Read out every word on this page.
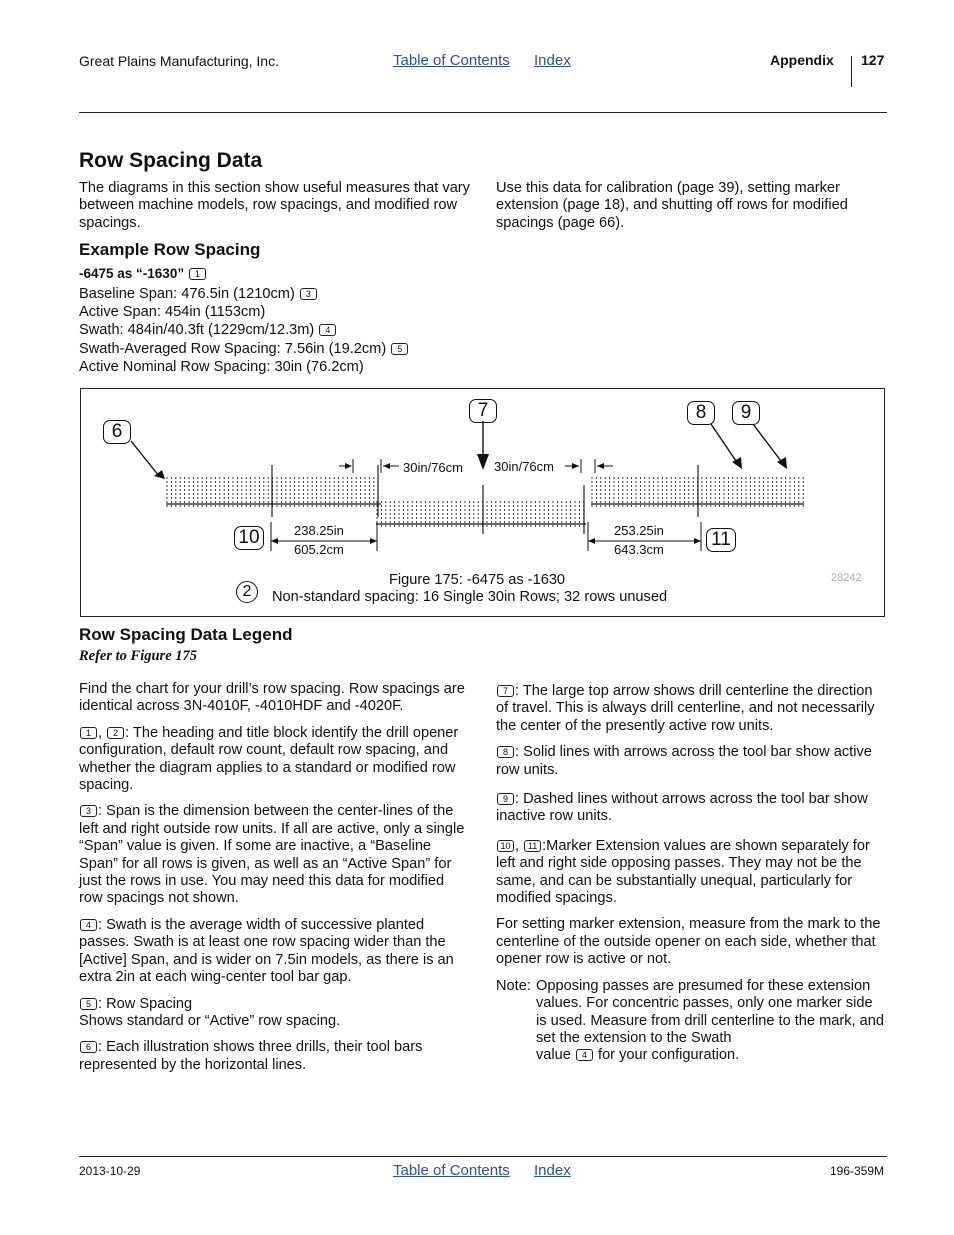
Great Plains Manufacturing, Inc.	Table of Contents Index	Appendix 127
Row Spacing Data
The diagrams in this section show useful measures that vary between machine models, row spacings, and modified row spacings.
Use this data for calibration (page 39), setting marker extension (page 18), and shutting off rows for modified spacings (page 66).
Example Row Spacing
-6475 as “-1630” 1
Baseline Span: 476.5in (1210cm) 3
Active Span: 454in (1153cm)
Swath: 484in/40.3ft (1229cm/12.3m) 4
Swath-Averaged Row Spacing: 7.56in (19.2cm) 5
Active Nominal Row Spacing: 30in (76.2cm)
6
7	8	9
10	11
30in/76cm 30in/76cm
238.25in
605.2cm
253.25in
643.3cm
Figure 175: -6475 as -1630
2	Non-standard spacing: 16 Single 30in Rows; 32 rows unused
28242
Row Spacing Data Legend
Refer to Figure 175

Find the chart for your drill’s row spacing. Row spacings are identical across 3N-4010F, -4010HDF and -4020F.

1 , 2 : The heading and title block identify the drill opener configuration, default row count, default row spacing, and whether the diagram applies to a standard or modified row spacing.

3 : Span is the dimension between the center-lines of the left and right outside row units. If all are active, only a single “Span” value is given. If some are inactive, a “Baseline Span” for all rows is given, as well as an “Active Span” for just the rows in use. You may need this data for modified row spacings not shown.

4 : Swath is the average width of successive planted passes. Swath is at least one row spacing wider than the [Active] Span, and is wider on 7.5in models, as there is an extra 2in at each wing-center tool bar gap.

5 : Row Spacing
Shows standard or “Active” row spacing.

6 : Each illustration shows three drills, their tool bars represented by the horizontal lines.

7 : The large top arrow shows drill centerline the direction of travel. This is always drill centerline, and not necessarily the center of the presently active row units.

8 : Solid lines with arrows across the tool bar show active row units.

9 : Dashed lines without arrows across the tool bar show inactive row units.

10 , 11 :Marker Extension values are shown separately for left and right side opposing passes. They may not be the same, and can be substantially unequal, particularly for modified spacings.

For setting marker extension, measure from the mark to the centerline of the outside opener on each side, whether that opener row is active or not.

Note: Opposing passes are presumed for these extension values. For concentric passes, only one marker side is used. Measure from drill centerline to the mark, and set the extension to the Swath
value 4 for your configuration.
2013-10-29	Table of Contents Index	196-359M
